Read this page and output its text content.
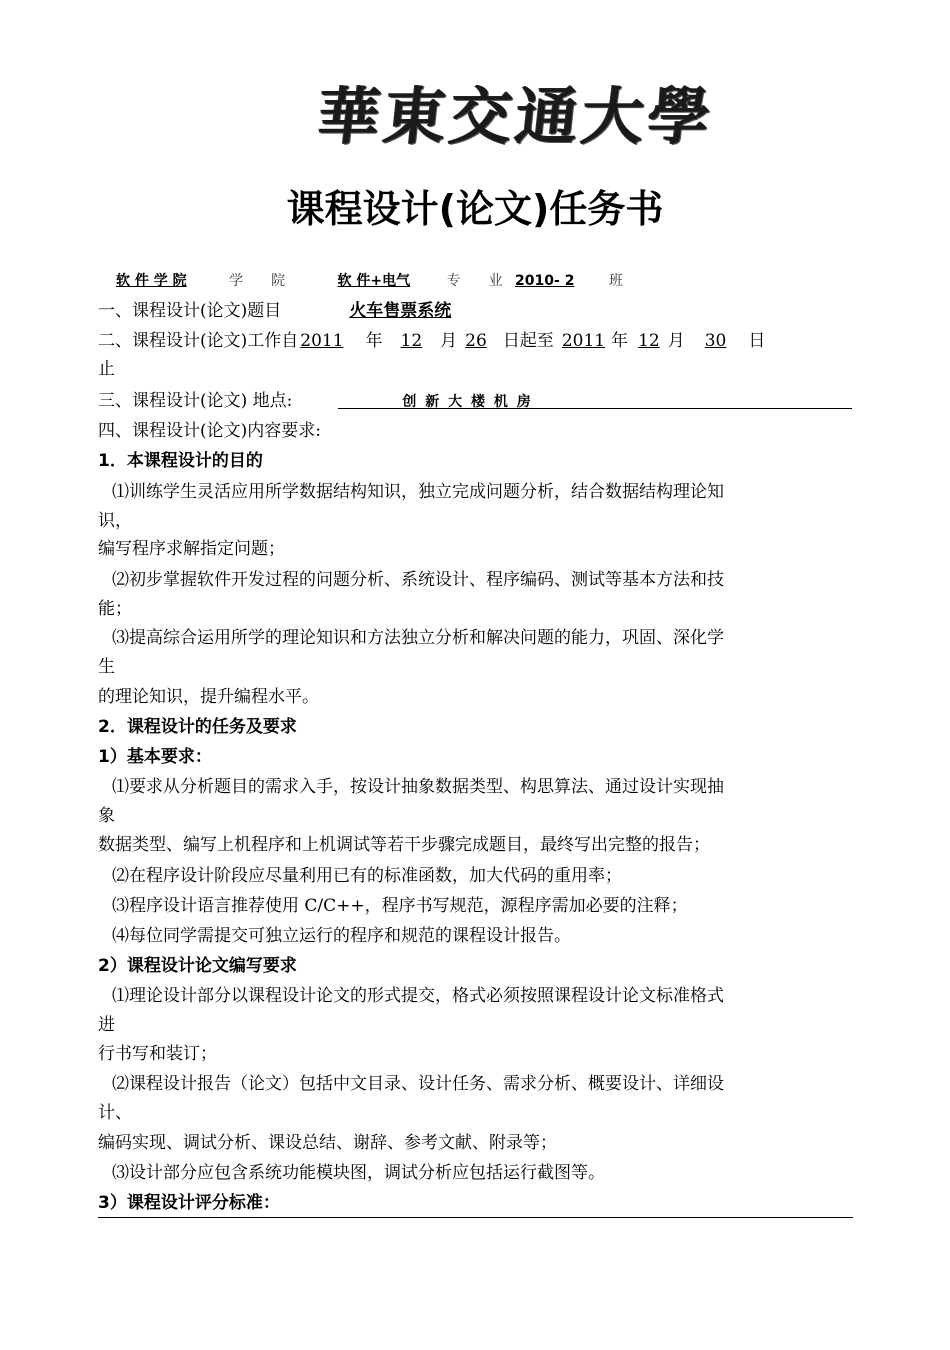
華東交通大學
课程设计(论文)任务书
软 件 学 院	学　　院	软 件+电气	专　　业 2010- 2 班
一、课程设计(论文)题目	火车售票系统
二、课程设计(论文)工作自 2011 年 12 月 26 日起至 2011 年 12 月 30 日
止
三、课程设计(论文) 地点:	创 新 大 楼 机 房
四、课程设计(论文)内容要求:
1．本课程设计的目的
⑴训练学生灵活应用所学数据结构知识，独立完成问题分析，结合数据结构理论知
识，
编写程序求解指定问题；
⑵初步掌握软件开发过程的问题分析、系统设计、程序编码、测试等基本方法和技
能；
⑶提高综合运用所学的理论知识和方法独立分析和解决问题的能力，巩固、深化学
生
的理论知识，提升编程水平。
2．课程设计的任务及要求
1）基本要求：
⑴要求从分析题目的需求入手，按设计抽象数据类型、构思算法、通过设计实现抽
象
数据类型、编写上机程序和上机调试等若干步骤完成题目，最终写出完整的报告；
⑵在程序设计阶段应尽量利用已有的标准函数，加大代码的重用率；
⑶程序设计语言推荐使用 C/C++，程序书写规范，源程序需加必要的注释；
⑷每位同学需提交可独立运行的程序和规范的课程设计报告。
2）课程设计论文编写要求
⑴理论设计部分以课程设计论文的形式提交，格式必须按照课程设计论文标准格式
进
行书写和装订；
⑵课程设计报告（论文）包括中文目录、设计任务、需求分析、概要设计、详细设
计、
编码实现、调试分析、课设总结、谢辞、参考文献、附录等；
⑶设计部分应包含系统功能模块图，调试分析应包括运行截图等。
3）课程设计评分标准：
